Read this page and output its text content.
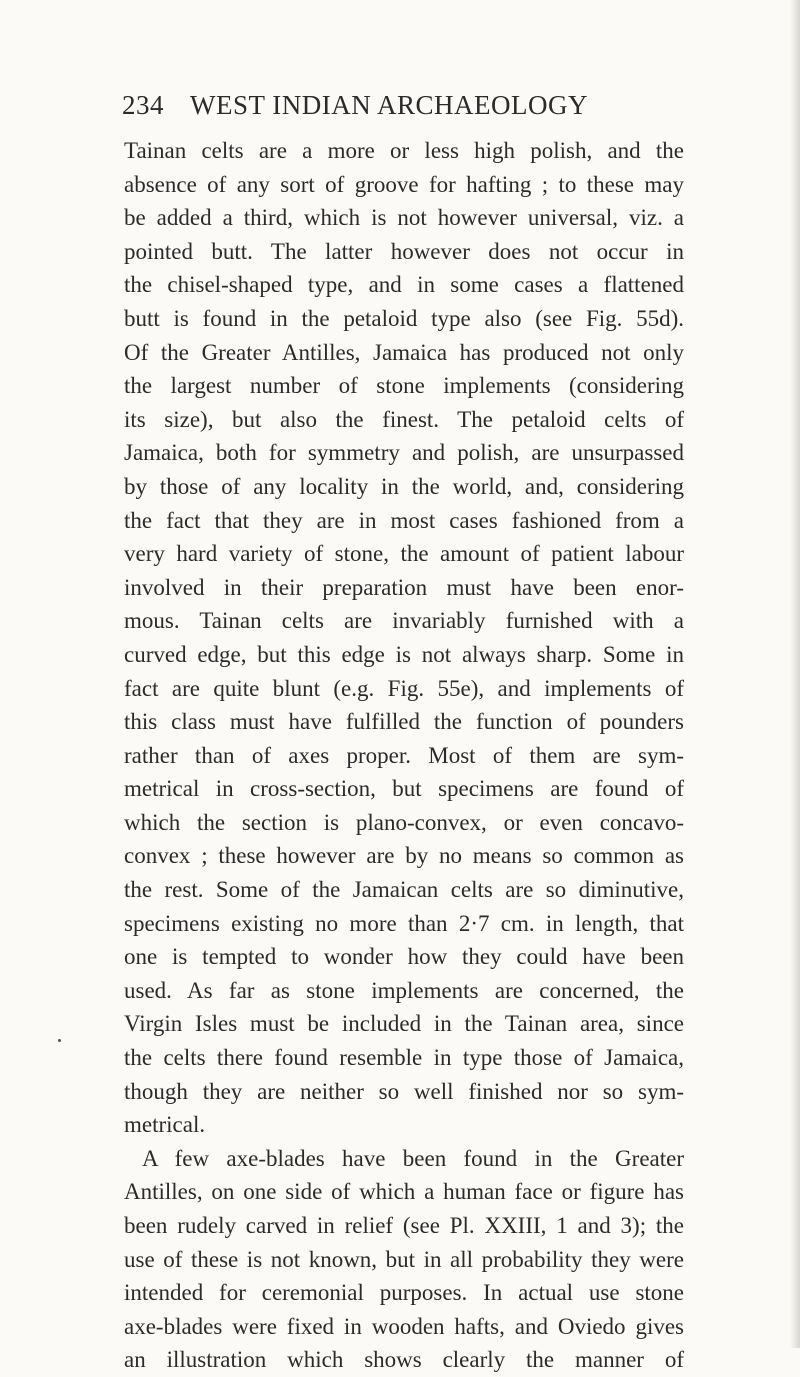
234 WEST INDIAN ARCHAEOLOGY
Tainan celts are a more or less high polish, and the
absence of any sort of groove for hafting ; to these may
be added a third, which is not however universal, viz. a
pointed butt. The latter however does not occur in
the chisel-shaped type, and in some cases a flattened
butt is found in the petaloid type also (see Fig. 55d).
Of the Greater Antilles, Jamaica has produced not only
the largest number of stone implements (considering
its size), but also the finest. The petaloid celts of
Jamaica, both for symmetry and polish, are unsurpassed
by those of any locality in the world, and, considering
the fact that they are in most cases fashioned from a
very hard variety of stone, the amount of patient labour
involved in their preparation must have been enor-
mous. Tainan celts are invariably furnished with a
curved edge, but this edge is not always sharp. Some in
fact are quite blunt (e.g. Fig. 55e), and implements of
this class must have fulfilled the function of pounders
rather than of axes proper. Most of them are sym-
metrical in cross-section, but specimens are found of
which the section is plano-convex, or even concavo-
convex ; these however are by no means so common as
the rest. Some of the Jamaican celts are so diminutive,
specimens existing no more than 2·7 cm. in length, that
one is tempted to wonder how they could have been
used. As far as stone implements are concerned, the
Virgin Isles must be included in the Tainan area, since
the celts there found resemble in type those of Jamaica,
though they are neither so well finished nor so sym-
metrical.
A few axe-blades have been found in the Greater
Antilles, on one side of which a human face or figure has
been rudely carved in relief (see Pl. XXIII, 1 and 3); the
use of these is not known, but in all probability they were
intended for ceremonial purposes. In actual use stone
axe-blades were fixed in wooden hafts, and Oviedo gives
an illustration which shows clearly the manner of
